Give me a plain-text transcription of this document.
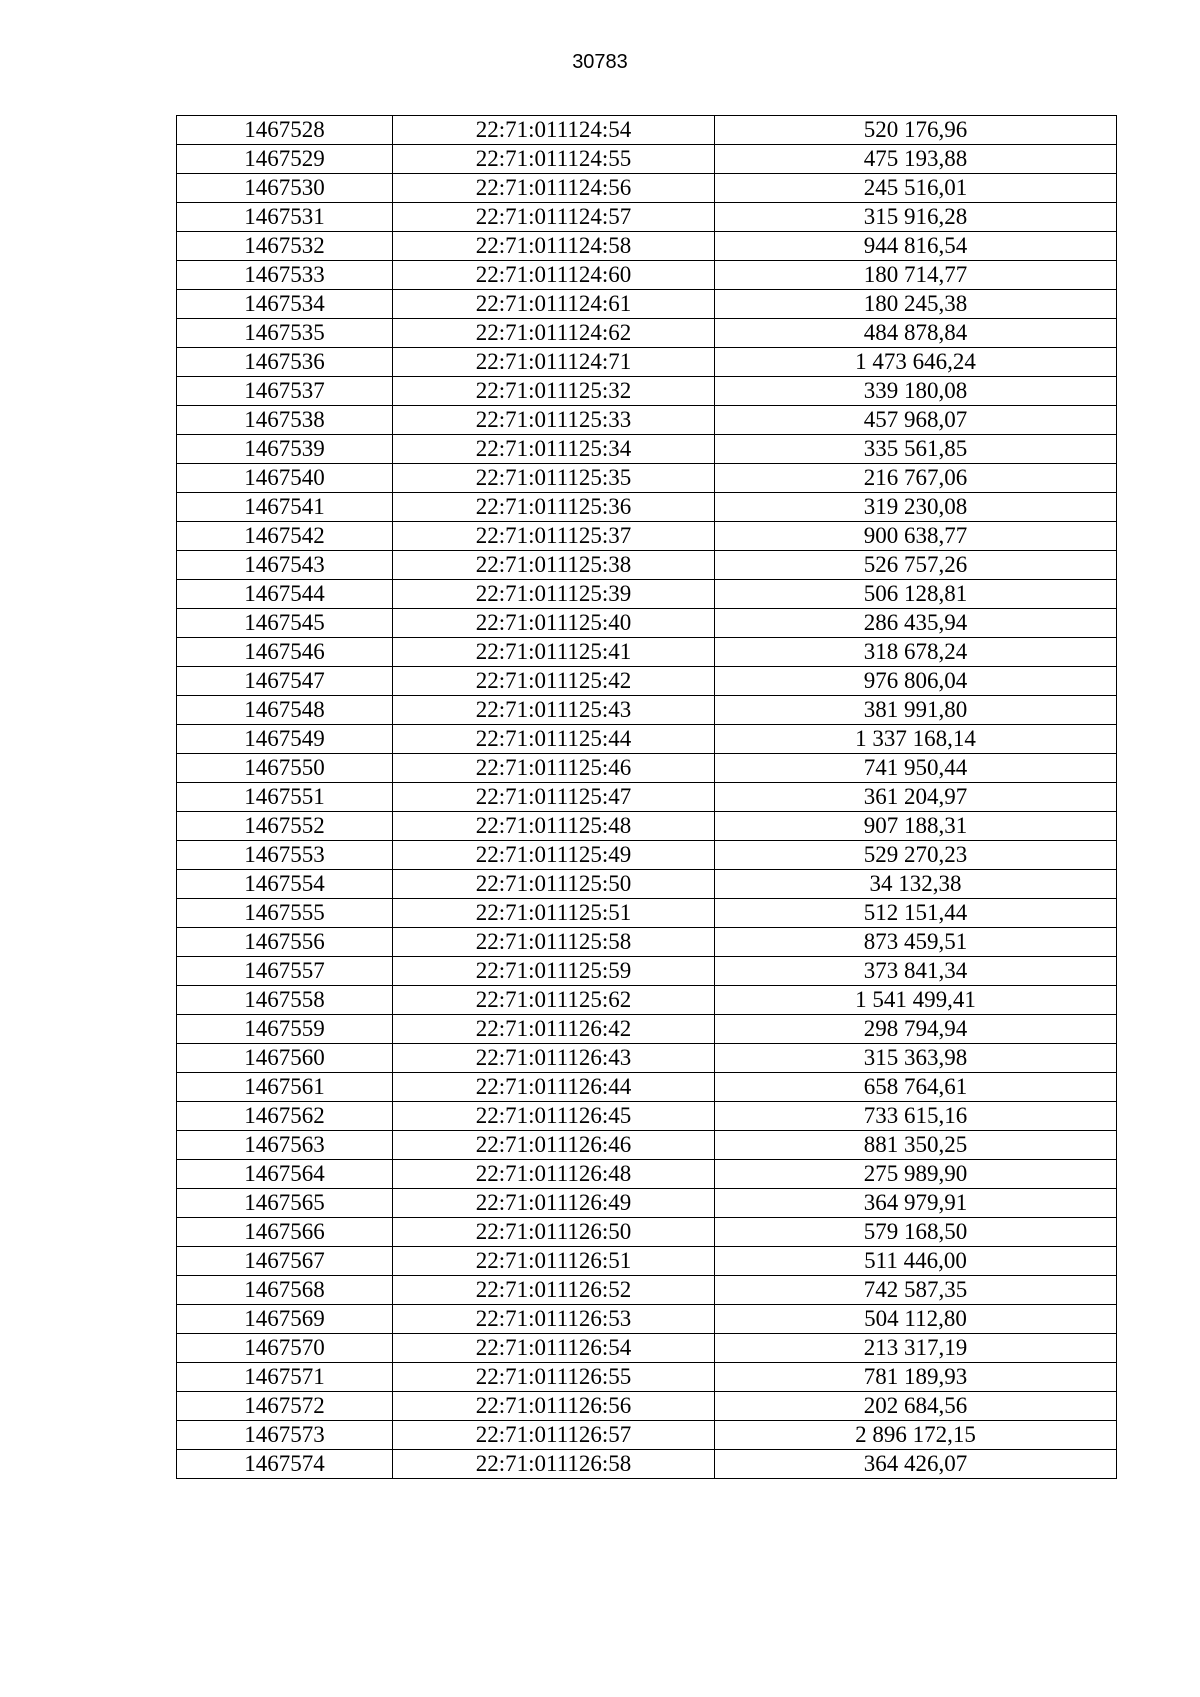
30783
1467528	22:71:011124:54	520 176,96
1467529	22:71:011124:55	475 193,88
1467530	22:71:011124:56	245 516,01
1467531	22:71:011124:57	315 916,28
1467532	22:71:011124:58	944 816,54
1467533	22:71:011124:60	180 714,77
1467534	22:71:011124:61	180 245,38
1467535	22:71:011124:62	484 878,84
1467536	22:71:011124:71	1 473 646,24
1467537	22:71:011125:32	339 180,08
1467538	22:71:011125:33	457 968,07
1467539	22:71:011125:34	335 561,85
1467540	22:71:011125:35	216 767,06
1467541	22:71:011125:36	319 230,08
1467542	22:71:011125:37	900 638,77
1467543	22:71:011125:38	526 757,26
1467544	22:71:011125:39	506 128,81
1467545	22:71:011125:40	286 435,94
1467546	22:71:011125:41	318 678,24
1467547	22:71:011125:42	976 806,04
1467548	22:71:011125:43	381 991,80
1467549	22:71:011125:44	1 337 168,14
1467550	22:71:011125:46	741 950,44
1467551	22:71:011125:47	361 204,97
1467552	22:71:011125:48	907 188,31
1467553	22:71:011125:49	529 270,23
1467554	22:71:011125:50	34 132,38
1467555	22:71:011125:51	512 151,44
1467556	22:71:011125:58	873 459,51
1467557	22:71:011125:59	373 841,34
1467558	22:71:011125:62	1 541 499,41
1467559	22:71:011126:42	298 794,94
1467560	22:71:011126:43	315 363,98
1467561	22:71:011126:44	658 764,61
1467562	22:71:011126:45	733 615,16
1467563	22:71:011126:46	881 350,25
1467564	22:71:011126:48	275 989,90
1467565	22:71:011126:49	364 979,91
1467566	22:71:011126:50	579 168,50
1467567	22:71:011126:51	511 446,00
1467568	22:71:011126:52	742 587,35
1467569	22:71:011126:53	504 112,80
1467570	22:71:011126:54	213 317,19
1467571	22:71:011126:55	781 189,93
1467572	22:71:011126:56	202 684,56
1467573	22:71:011126:57	2 896 172,15
1467574	22:71:011126:58	364 426,07
